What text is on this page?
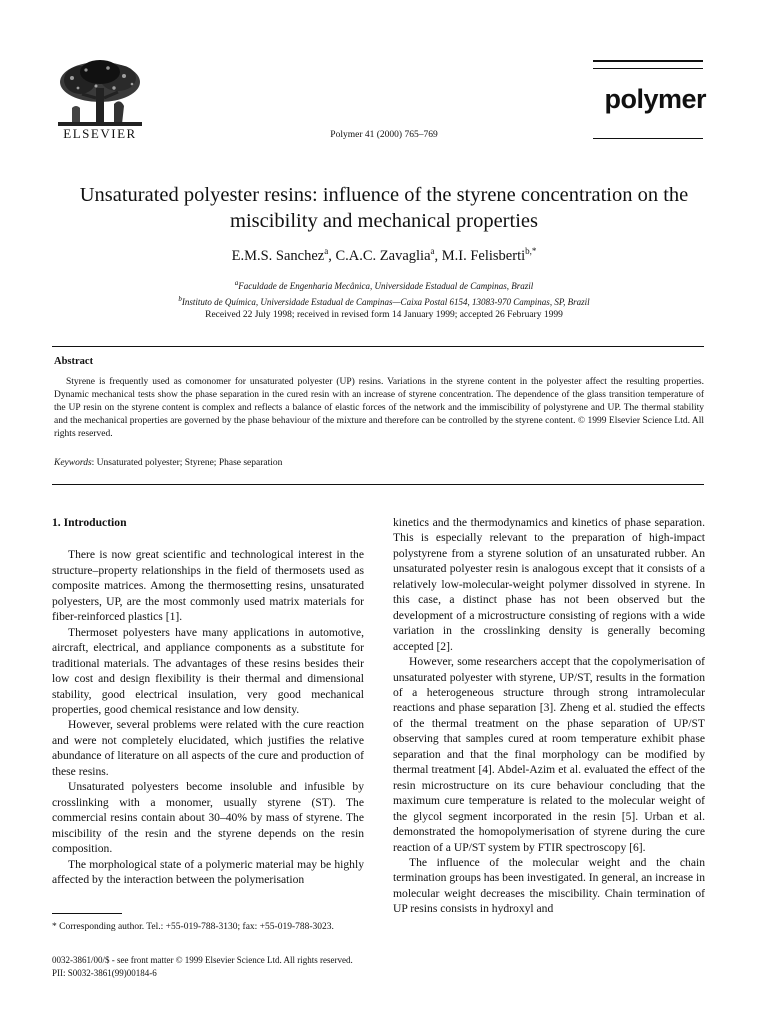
ELSEVIER	Polymer 41 (2000) 765–769
polymer
Unsaturated polyester resins: influence of the styrene concentration on the miscibility and mechanical properties
E.M.S. Sanchez$^a$, C.A.C. Zavaglia$^a$, M.I. Felisberti$^{b,*}$
$^a$Faculdade de Engenharia Mecânica, Universidade Estadual de Campinas, Brazil
$^b$Instituto de Química, Universidade Estadual de Campinas—Caixa Postal 6154, 13083-970 Campinas, SP, Brazil
Received 22 July 1998; received in revised form 14 January 1999; accepted 26 February 1999
Abstract
Styrene is frequently used as comonomer for unsaturated polyester (UP) resins. Variations in the styrene content in the polyester affect the resulting properties. Dynamic mechanical tests show the phase separation in the cured resin with an increase of styrene concentration. The dependence of the glass transition temperature of the UP resin on the styrene content is complex and reflects a balance of elastic forces of the network and the immiscibility of polystyrene and UP. The thermal stability and the mechanical properties are governed by the phase behaviour of the mixture and therefore can be controlled by the styrene content. © 1999 Elsevier Science Ltd. All rights reserved.
Keywords: Unsaturated polyester; Styrene; Phase separation
1. Introduction

There is now great scientific and technological interest in the structure–property relationships in the field of thermosets used as composite matrices. Among the thermosetting resins, unsaturated polyesters, UP, are the most commonly used matrix materials for fiber-reinforced plastics [1].

Thermoset polyesters have many applications in automotive, aircraft, electrical, and appliance components as a substitute for traditional materials. The advantages of these resins besides their low cost and design flexibility is their thermal and dimensional stability, good electrical insulation, very good mechanical properties, good chemical resistance and low density.

However, several problems were related with the cure reaction and were not completely elucidated, which justifies the relative abundance of literature on all aspects of the cure and production of these resins.

Unsaturated polyesters become insoluble and infusible by crosslinking with a monomer, usually styrene (ST). The commercial resins contain about 30–40% by mass of styrene. The miscibility of the resin and the styrene depends on the resin composition.

The morphological state of a polymeric material may be highly affected by the interaction between the polymerisation

kinetics and the thermodynamics and kinetics of phase separation. This is especially relevant to the preparation of high-impact polystyrene from a styrene solution of an unsaturated rubber. An unsaturated polyester resin is analogous except that it consists of a relatively low-molecular-weight polymer dissolved in styrene. In this case, a distinct phase has not been observed but the development of a microstructure consisting of regions with a wide variation in the crosslinking density is generally becoming accepted [2].

However, some researchers accept that the copolymerisation of unsaturated polyester with styrene, UP/ST, results in the formation of a heterogeneous structure through strong intramolecular reactions and phase separation [3]. Zheng et al. studied the effects of the thermal treatment on the phase separation of UP/ST observing that samples cured at room temperature exhibit phase separation and that the final morphology can be modified by thermal treatment [4]. Abdel-Azim et al. evaluated the effect of the resin microstructure on its cure behaviour concluding that the maximum cure temperature is related to the molecular weight of the glycol segment incorporated in the resin [5]. Urban et al. demonstrated the homopolymerisation of styrene during the cure reaction of a UP/ST system by FTIR spectroscopy [6].

The influence of the molecular weight and the chain termination groups has been investigated. In general, an increase in molecular weight decreases the miscibility. Chain termination of UP resins consists in hydroxyl and

* Corresponding author. Tel.: +55-019-788-3130; fax: +55-019-788-3023.
0032-3861/00/$ - see front matter © 1999 Elsevier Science Ltd. All rights reserved.
PII: S0032-3861(99)00184-6
